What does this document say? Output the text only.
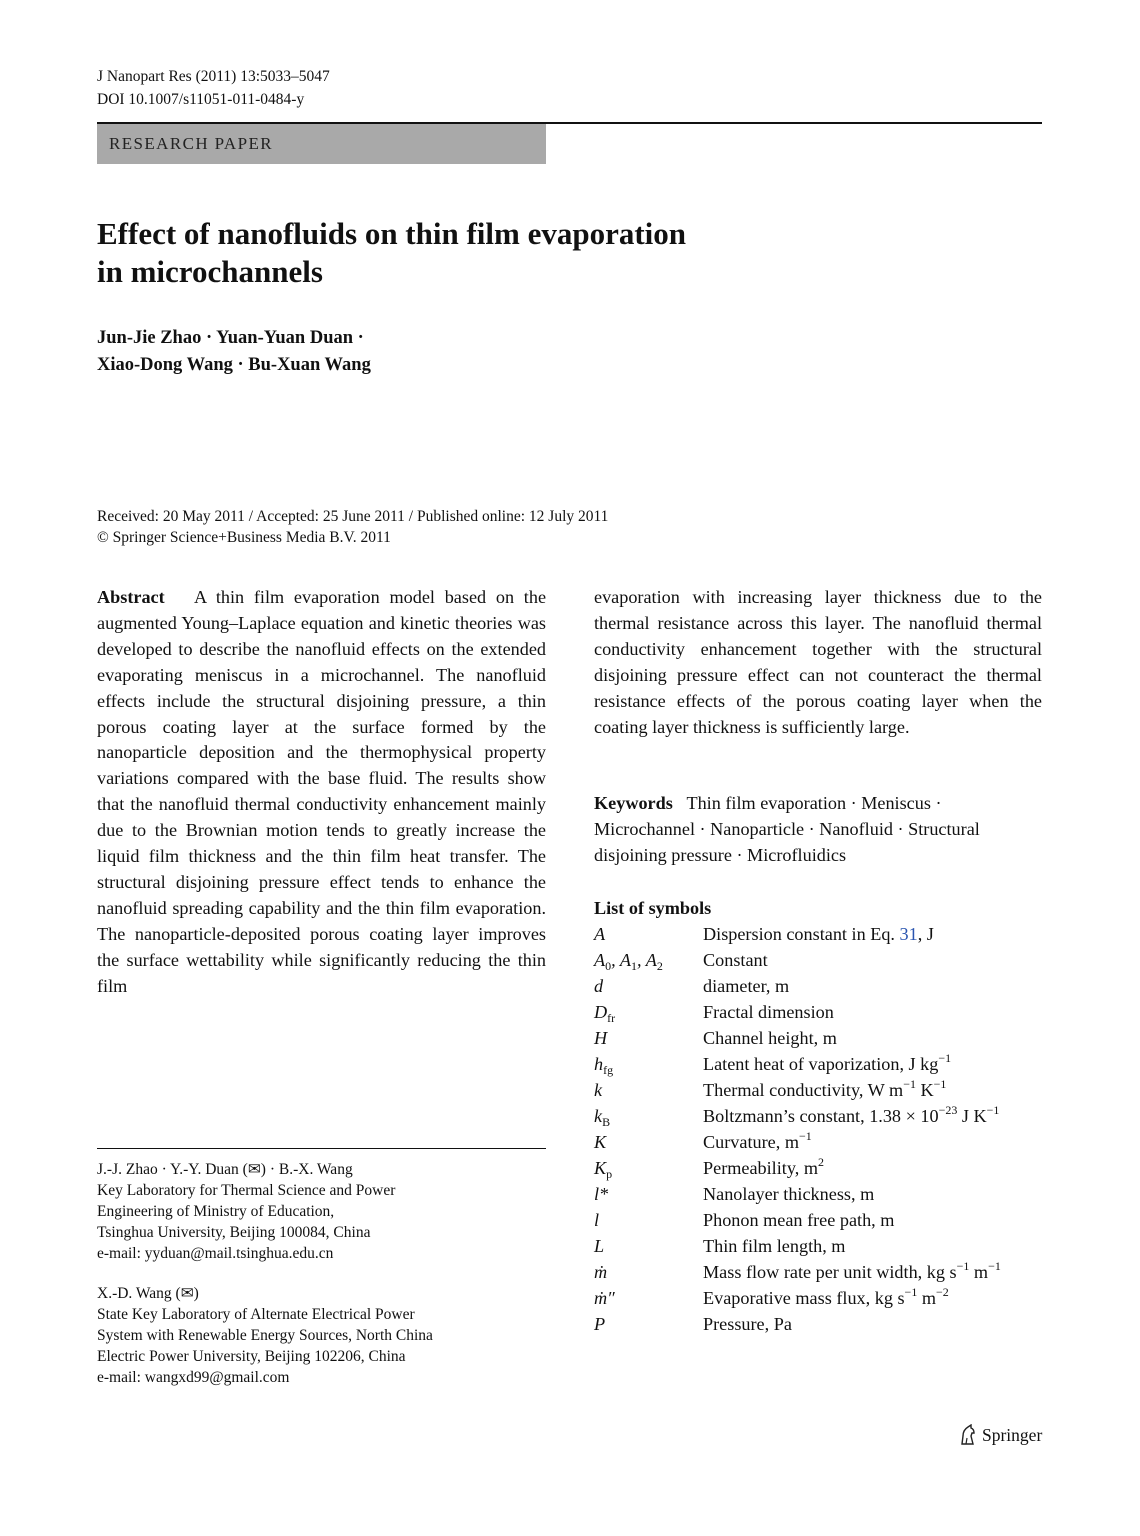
J Nanopart Res (2011) 13:5033–5047
DOI 10.1007/s11051-011-0484-y
RESEARCH PAPER
Effect of nanofluids on thin film evaporation
in microchannels
Jun-Jie Zhao · Yuan-Yuan Duan ·
Xiao-Dong Wang · Bu-Xuan Wang
Received: 20 May 2011 / Accepted: 25 June 2011 / Published online: 12 July 2011
© Springer Science+Business Media B.V. 2011
Abstract A thin film evaporation model based on the augmented Young–Laplace equation and kinetic theories was developed to describe the nanofluid effects on the extended evaporating meniscus in a microchannel. The nanofluid effects include the structural disjoining pressure, a thin porous coating layer at the surface formed by the nanoparticle deposition and the thermophysical property variations compared with the base fluid. The results show that the nanofluid thermal conductivity enhancement mainly due to the Brownian motion tends to greatly increase the liquid film thickness and the thin film heat transfer. The structural disjoining pressure effect tends to enhance the nanofluid spreading capability and the thin film evaporation. The nanoparticle-deposited porous coating layer improves the surface wettability while significantly reducing the thin film
evaporation with increasing layer thickness due to the thermal resistance across this layer. The nanofluid thermal conductivity enhancement together with the structural disjoining pressure effect can not counteract the thermal resistance effects of the porous coating layer when the coating layer thickness is sufficiently large.
Keywords Thin film evaporation · Meniscus · Microchannel · Nanoparticle · Nanofluid · Structural disjoining pressure · Microfluidics
List of symbols
A	Dispersion constant in Eq. 31, J
$A_0$, $A_1$, $A_2$	Constant
d	diameter, m
$D_{fr}$	Fractal dimension
H	Channel height, m
$h_{fg}$	Latent heat of vaporization, J $kg^{-1}$
k	Thermal conductivity, W $m^{-1}$ $K^{-1}$
$k_B$	Boltzmann’s constant, $1.38 \times 10^{-23}$ J $K^{-1}$
K	Curvature, $m^{-1}$
$K_p$	Permeability, $m^2$
l*	Nanolayer thickness, m
l	Phonon mean free path, m
L	Thin film length, m
ṁ	Mass flow rate per unit width, kg $s^{-1}$ $m^{-1}$
ṁ″	Evaporative mass flux, kg $s^{-1}$ $m^{-2}$
P	Pressure, Pa
J.-J. Zhao · Y.-Y. Duan (✉) · B.-X. Wang
Key Laboratory for Thermal Science and Power
Engineering of Ministry of Education,
Tsinghua University, Beijing 100084, China
e-mail: yyduan@mail.tsinghua.edu.cn
X.-D. Wang (✉)
State Key Laboratory of Alternate Electrical Power
System with Renewable Energy Sources, North China
Electric Power University, Beijing 102206, China
e-mail: wangxd99@gmail.com
Springer
